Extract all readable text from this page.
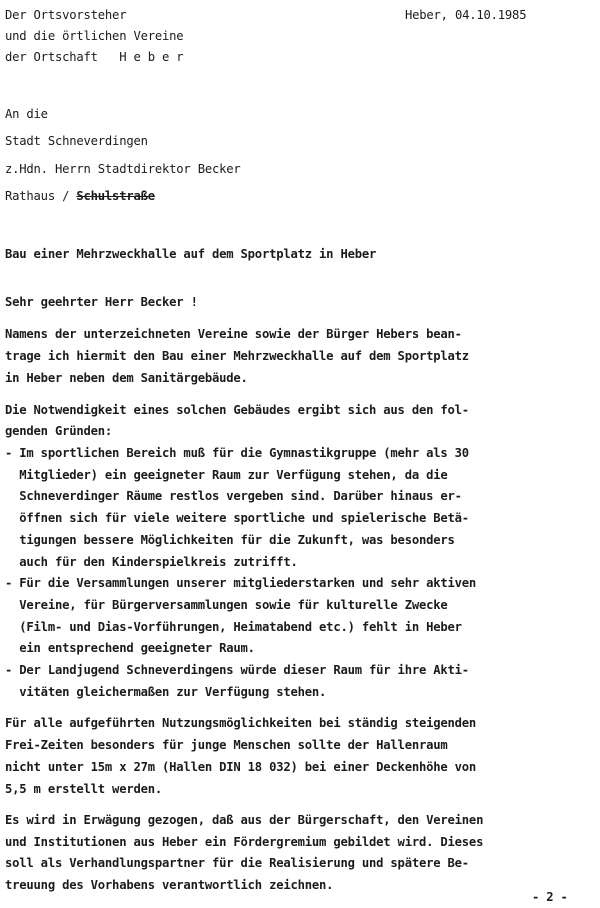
Der Ortsvorsteher

und die örtlichen Vereine

der Ortschaft   H e b e r

Heber, 04.10.1985

An die

Stadt Schneverdingen

z.Hdn. Herrn Stadtdirektor Becker

Rathaus / Schulstraße

Bau einer Mehrzweckhalle auf dem Sportplatz in Heber

Sehr geehrter Herr Becker !

Namens der unterzeichneten Vereine sowie der Bürger Hebers bean-

trage ich hiermit den Bau einer Mehrzweckhalle auf dem Sportplatz

in Heber neben dem Sanitärgebäude.

Die Notwendigkeit eines solchen Gebäudes ergibt sich aus den fol-

genden Gründen:

- Im sportlichen Bereich muß für die Gymnastikgruppe (mehr als 30

Mitglieder) ein geeigneter Raum zur Verfügung stehen, da die

Schneverdinger Räume restlos vergeben sind. Darüber hinaus er-

öffnen sich für viele weitere sportliche und spielerische Betä-

tigungen bessere Möglichkeiten für die Zukunft, was besonders

auch für den Kinderspielkreis zutrifft.

- Für die Versammlungen unserer mitgliederstarken und sehr aktiven

Vereine, für Bürgerversammlungen sowie für kulturelle Zwecke

(Film- und Dias-Vorführungen, Heimatabend etc.) fehlt in Heber

ein entsprechend geeigneter Raum.

- Der Landjugend Schneverdingens würde dieser Raum für ihre Akti-

vitäten gleichermaßen zur Verfügung stehen.

Für alle aufgeführten Nutzungsmöglichkeiten bei ständig steigenden

Frei-Zeiten besonders für junge Menschen sollte der Hallenraum

nicht unter 15m x 27m (Hallen DIN 18 032) bei einer Deckenhöhe von

5,5 m erstellt werden.

Es wird in Erwägung gezogen, daß aus der Bürgerschaft, den Vereinen

und Institutionen aus Heber ein Fördergremium gebildet wird. Dieses

soll als Verhandlungspartner für die Realisierung und spätere Be-

treuung des Vorhabens verantwortlich zeichnen.

- 2 -
